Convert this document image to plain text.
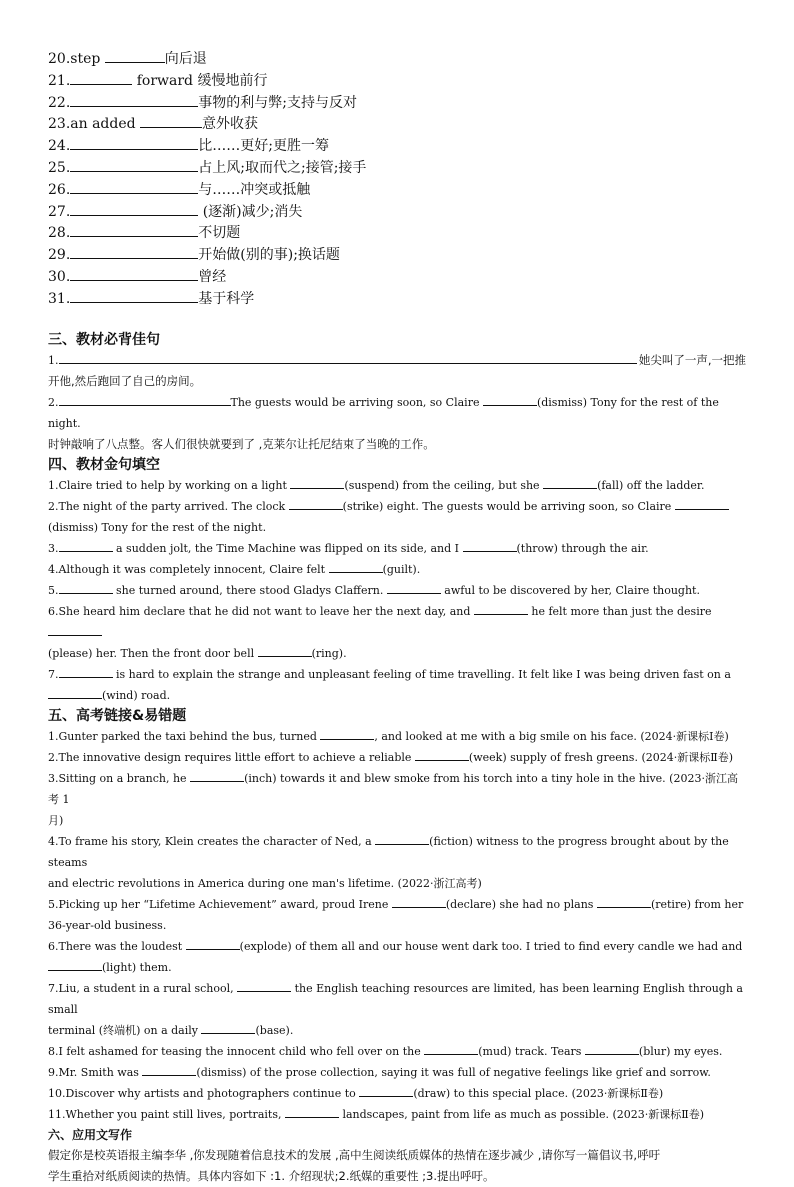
20.step	向后退
21.	forward 缓慢地前行
22.	事物的利与弊;支持与反对
23.an added	意外收获
24.	比……更好;更胜一筹
25.	占上风;取而代之;接管;接手
26.	与……冲突或抵触
27.	(逐渐)减少;消失
28.	不切题
29.	开始做(别的事);换话题
30.	曾经
31.	基于科学
三、教材必背佳句
1.	她尖叫了一声,一把推
开他,然后跑回了自己的房间。
2.	The guests would be arriving soon, so Claire	(dismiss) Tony for the rest of the night.
时钟敲响了八点整。客人们很快就要到了 ,克莱尔让托尼结束了当晚的工作。
四、教材金句填空
1.Claire tried to help by working on a light	(suspend) from the ceiling, but she	(fall) off the ladder.
2.The night of the party arrived. The clock	(strike) eight. The guests would be arriving soon, so Claire
(dismiss) Tony for the rest of the night.
3.	a sudden jolt, the Time Machine was flipped on its side, and I	(throw) through the air.
4.Although it was completely innocent, Claire felt	(guilt).
5.	she turned around, there stood Gladys Claffern.	awful to be discovered by her, Claire thought.
6.She heard him declare that he did not want to leave her the next day, and	he felt more than just the desire
(please) her. Then the front door bell	(ring).
7.	is hard to explain the strange and unpleasant feeling of time travelling. It felt like I was being driven fast on a
(wind) road.
五、高考链接&易错题
1.Gunter parked the taxi behind the bus, turned	, and looked at me with a big smile on his face. (2024·新课标Ⅰ卷)
2.The innovative design requires little effort to achieve a reliable	(week) supply of fresh greens. (2024·新课标Ⅱ卷)
3.Sitting on a branch, he	(inch) towards it and blew smoke from his torch into a tiny hole in the hive. (2023·浙江高考 1
月)
4.To frame his story, Klein creates the character of Ned, a	(fiction) witness to the progress brought about by the steams
and electric revolutions in America during one man's lifetime. (2022·浙江高考)
5.Picking up her “Lifetime Achievement” award, proud Irene	(declare) she had no plans	(retire) from her
36-year-old business.
6.There was the loudest	(explode) of them all and our house went dark too. I tried to find every candle we had and
(light) them.
7.Liu, a student in a rural school,	the English teaching resources are limited, has been learning English through a small
terminal (终端机) on a daily	(base).
8.I felt ashamed for teasing the innocent child who fell over on the	(mud) track. Tears	(blur) my eyes.
9.Mr. Smith was	(dismiss) of the prose collection, saying it was full of negative feelings like grief and sorrow.
10.Discover why artists and photographers continue to	(draw) to this special place. (2023·新课标Ⅱ卷)
11.Whether you paint still lives, portraits,	landscapes, paint from life as much as possible. (2023·新课标Ⅱ卷)
六、应用文写作
假定你是校英语报主编李华 ,你发现随着信息技术的发展 ,高中生阅读纸质媒体的热情在逐步减少 ,请你写一篇倡议书,呼吁
学生重拾对纸质阅读的热情。具体内容如下 :1. 介绍现状;2.纸媒的重要性 ;3.提出呼吁。
